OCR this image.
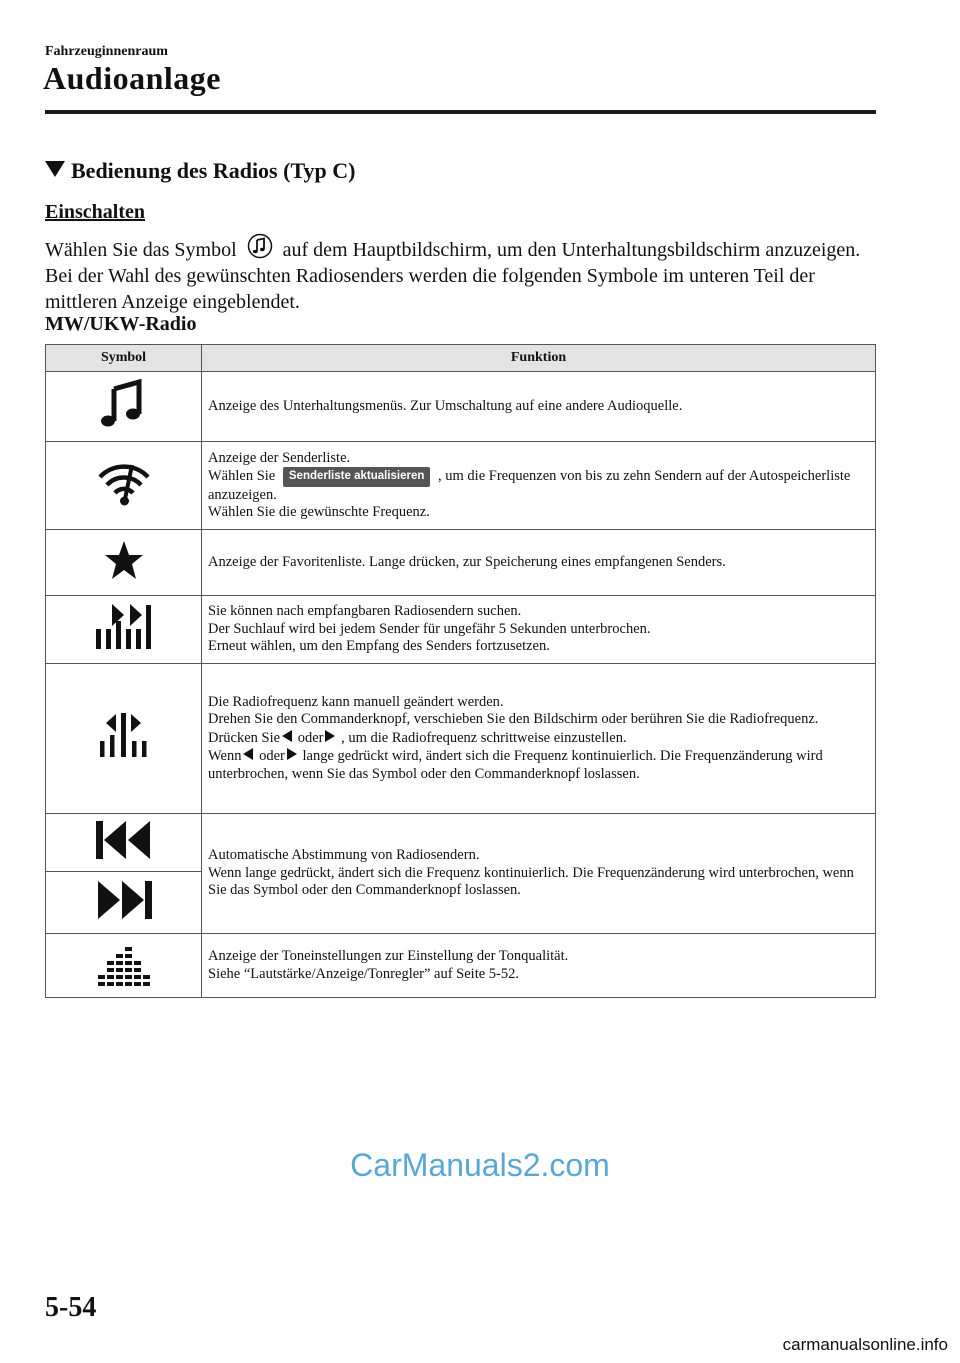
Fahrzeuginnenraum
Audioanlage
Bedienung des Radios (Typ C)
Einschalten
Wählen Sie das Symbol  auf dem Hauptbildschirm, um den Unterhaltungsbildschirm anzuzeigen. Bei der Wahl des gewünschten Radiosenders werden die folgenden Symbole im unteren Teil der mittleren Anzeige eingeblendet.
MW/UKW-Radio
Symbol	Funktion

Anzeige des Unterhaltungsmenüs. Zur Umschaltung auf eine andere Audioquelle.

Anzeige der Senderliste.
Wählen Sie Senderliste aktualisieren , um die Frequenzen von bis zu zehn Sendern auf der Autospeicherliste anzuzeigen.
Wählen Sie die gewünschte Frequenz.

Anzeige der Favoritenliste. Lange drücken, zur Speicherung eines empfangenen Senders.

Sie können nach empfangbaren Radiosendern suchen.
Der Suchlauf wird bei jedem Sender für ungefähr 5 Sekunden unterbrochen.
Erneut wählen, um den Empfang des Senders fortzusetzen.

Die Radiofrequenz kann manuell geändert werden.
Drehen Sie den Commanderknopf, verschieben Sie den Bildschirm oder berühren Sie die Radiofrequenz.
Drücken Sie oder , um die Radiofrequenz schrittweise einzustellen.
Wenn oder lange gedrückt wird, ändert sich die Frequenz kontinuierlich. Die Frequenzänderung wird unterbrochen, wenn Sie das Symbol oder den Commanderknopf loslassen.

Automatische Abstimmung von Radiosendern.
Wenn lange gedrückt, ändert sich die Frequenz kontinuierlich. Die Frequenzänderung wird unterbrochen, wenn Sie das Symbol oder den Commanderknopf loslassen.

Anzeige der Toneinstellungen zur Einstellung der Tonqualität.
Siehe “Lautstärke/Anzeige/Tonregler” auf Seite 5-52.
CarManuals2.com
5-54
carmanualsonline.info
